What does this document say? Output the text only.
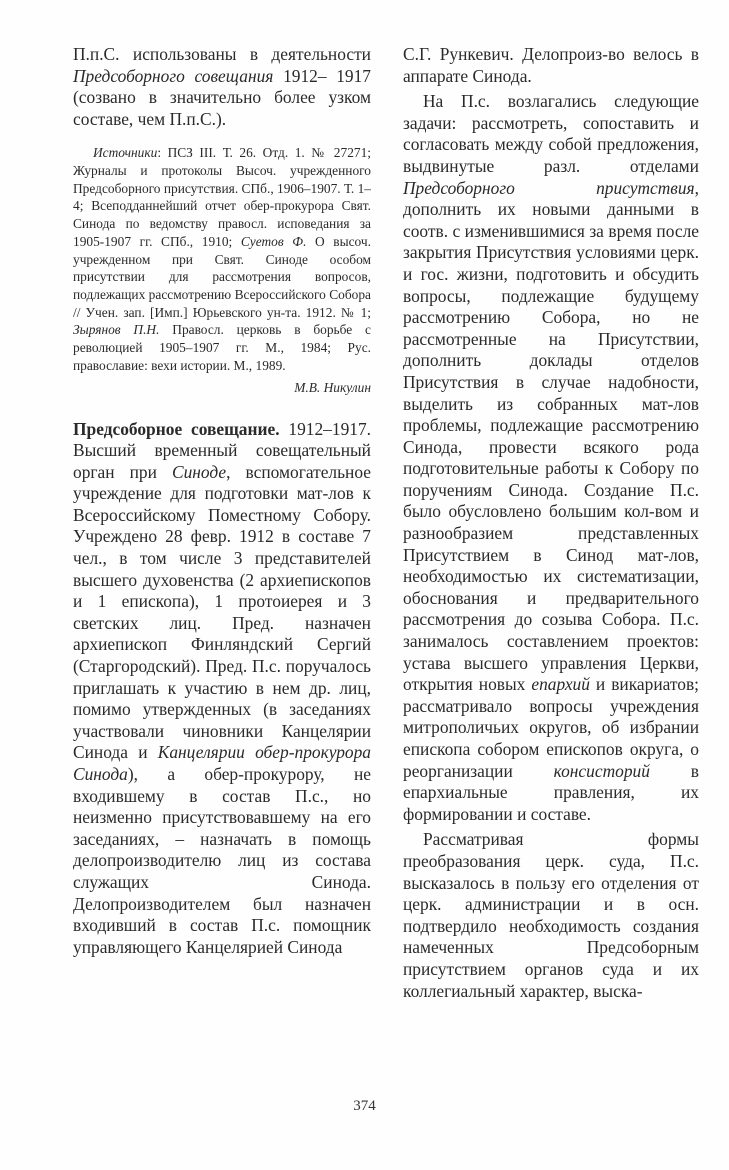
П.п.С. использованы в деятельности Предсоборного совещания 1912– 1917 (созвано в значительно более узком составе, чем П.п.С.).

Источники: ПСЗ III. Т. 26. Отд. 1. № 27271; Журналы и протоколы Высоч. учрежденного Предсоборного присутствия. СПб., 1906–1907. Т. 1–4; Всеподданнейший отчет обер-прокурора Свят. Синода по ведомству правосл. исповедания за 1905-1907 гг. СПб., 1910; Суетов Ф. О высоч. учрежденном при Свят. Синоде особом присутствии для рассмотрения вопросов, подлежащих рассмотрению Всероссийского Собора // Учен. зап. [Имп.] Юрьевского ун-та. 1912. № 1; Зырянов П.Н. Правосл. церковь в борьбе с революцией 1905–1907 гг. М., 1984; Рус. православие: вехи истории. М., 1989.

М.В. Никулин

Предсоборное совещание. 1912–1917. Высший временный совещательный орган при Синоде, вспомогательное учреждение для подготовки мат-лов к Всероссийскому Поместному Собору. Учреждено 28 февр. 1912 в составе 7 чел., в том числе 3 представителей высшего духовенства (2 архиепископов и 1 епископа), 1 протоиерея и 3 светских лиц. Пред. назначен архиепископ Финляндский Сергий (Старгородский). Пред. П.с. поручалось приглашать к участию в нем др. лиц, помимо утвержденных (в заседаниях участвовали чиновники Канцелярии Синода и Канцелярии обер-прокурора Синода), а обер-прокурору, не входившему в состав П.с., но неизменно присутствовавшему на его заседаниях, – назначать в помощь делопроизводителю лиц из состава служащих Синода. Делопроизводителем был назначен входивший в состав П.с. помощник управляющего Канцелярией Синода

С.Г. Рункевич. Делопроиз-во велось в аппарате Синода.

На П.с. возлагались следующие задачи: рассмотреть, сопоставить и согласовать между собой предложения, выдвинутые разл. отделами Предсоборного присутствия, дополнить их новыми данными в соотв. с изменившимися за время после закрытия Присутствия условиями церк. и гос. жизни, подготовить и обсудить вопросы, подлежащие будущему рассмотрению Собора, но не рассмотренные на Присутствии, дополнить доклады отделов Присутствия в случае надобности, выделить из собранных мат-лов проблемы, подлежащие рассмотрению Синода, провести всякого рода подготовительные работы к Собору по поручениям Синода. Создание П.с. было обусловлено большим кол-вом и разнообразием представленных Присутствием в Синод мат-лов, необходимостью их систематизации, обоснования и предварительного рассмотрения до созыва Собора. П.с. занималось составлением проектов: устава высшего управления Церкви, открытия новых епархий и викариатов; рассматривало вопросы учреждения митрополичьих округов, об избрании епископа собором епископов округа, о реорганизации консисторий в епархиальные правления, их формировании и составе.

Рассматривая формы преобразования церк. суда, П.с. высказалось в пользу его отделения от церк. администрации и в осн. подтвердило необходимость создания намеченных Предсоборным присутствием органов суда и их коллегиальный характер, выска-

374
